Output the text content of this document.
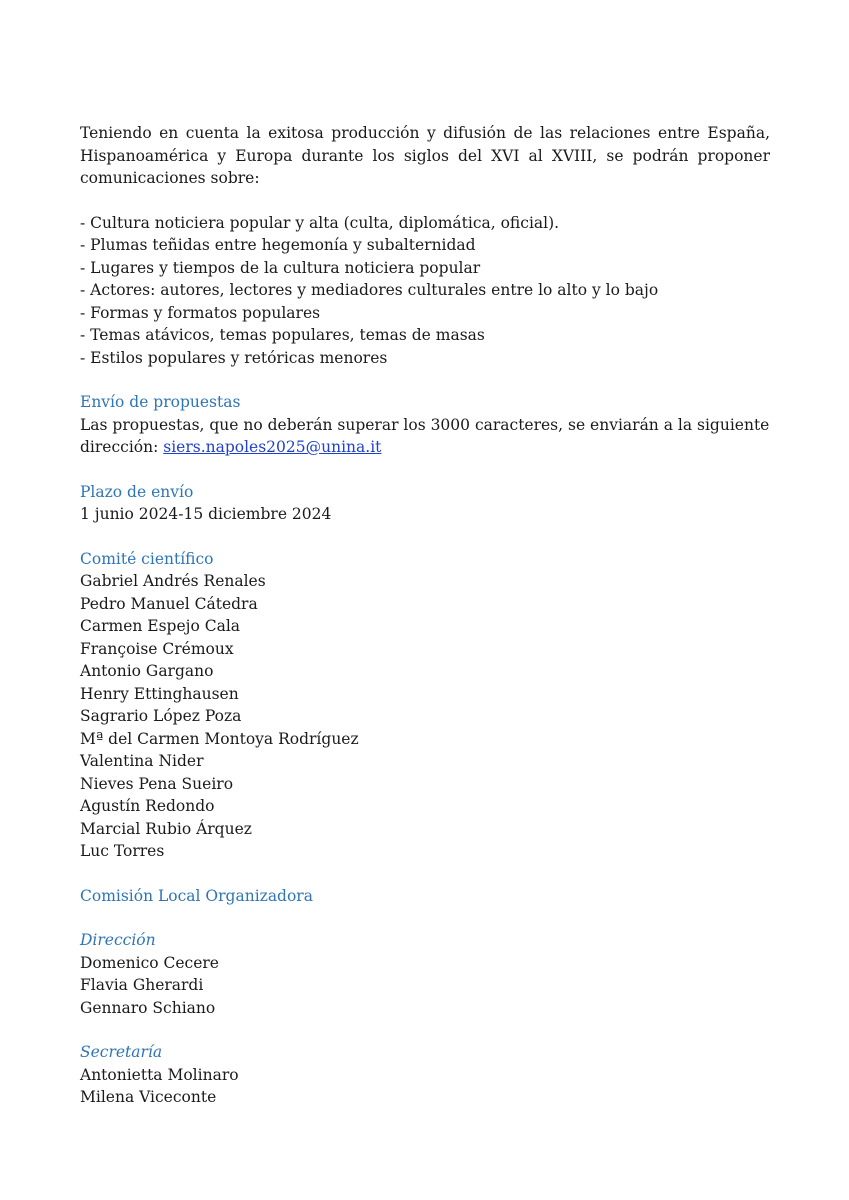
Teniendo en cuenta la exitosa producción y difusión de las relaciones entre España, Hispanoamérica y Europa durante los siglos del XVI al XVIII, se podrán proponer comunicaciones sobre:

- Cultura noticiera popular y alta (culta, diplomática, oficial).
- Plumas teñidas entre hegemonía y subalternidad
- Lugares y tiempos de la cultura noticiera popular
- Actores: autores, lectores y mediadores culturales entre lo alto y lo bajo
- Formas y formatos populares
- Temas atávicos, temas populares, temas de masas
- Estilos populares y retóricas menores

Envío de propuestas

Las propuestas, que no deberán superar los 3000 caracteres, se enviarán a la siguiente

dirección: siers.napoles2025@unina.it

Plazo de envío

1 junio 2024-15 diciembre 2024

Comité científico

Gabriel Andrés Renales

Pedro Manuel Cátedra

Carmen Espejo Cala

Françoise Crémoux

Antonio Gargano

Henry Ettinghausen

Sagrario López Poza

Mª del Carmen Montoya Rodríguez

Valentina Nider

Nieves Pena Sueiro

Agustín Redondo

Marcial Rubio Árquez

Luc Torres

Comisión Local Organizadora

Dirección

Domenico Cecere

Flavia Gherardi

Gennaro Schiano

Secretaría

Antonietta Molinaro

Milena Viceconte
